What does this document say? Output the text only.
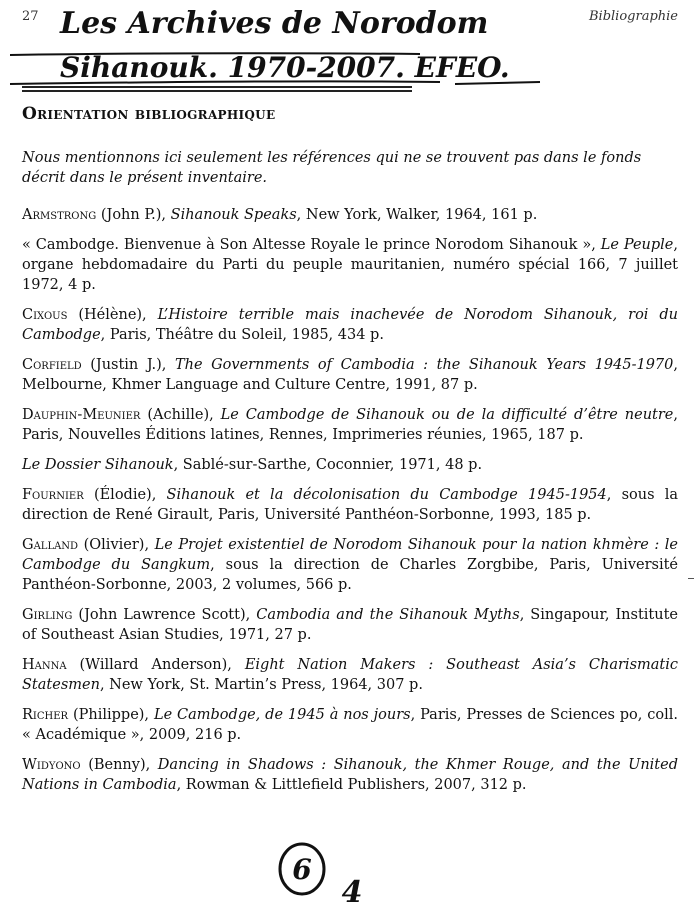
27	Bibliographie
Les Archives de Norodom
Sihanouk. 1970-2007. EFEO.
Orientation bibliographique

Nous mentionnons ici seulement les références qui ne se trouvent pas dans le fonds décrit dans le présent inventaire.

Armstrong (John P.), Sihanouk Speaks, New York, Walker, 1964, 161 p.

« Cambodge. Bienvenue à Son Altesse Royale le prince Norodom Sihanouk », Le Peuple, organe hebdomadaire du Parti du peuple mauritanien, numéro spécial 166, 7 juillet 1972, 4 p.

Cixous (Hélène), L’Histoire terrible mais inachevée de Norodom Sihanouk, roi du Cambodge, Paris, Théâtre du Soleil, 1985, 434 p.

Corfield (Justin J.), The Governments of Cambodia : the Sihanouk Years 1945-1970, Melbourne, Khmer Language and Culture Centre, 1991, 87 p.

Dauphin-Meunier (Achille), Le Cambodge de Sihanouk ou de la difficulté d’être neutre, Paris, Nouvelles Éditions latines, Rennes, Imprimeries réunies, 1965, 187 p.

Le Dossier Sihanouk, Sablé-sur-Sarthe, Coconnier, 1971, 48 p.

Fournier (Élodie), Sihanouk et la décolonisation du Cambodge 1945-1954, sous la direction de René Girault, Paris, Université Panthéon-Sorbonne, 1993, 185 p.

Galland (Olivier), Le Projet existentiel de Norodom Sihanouk pour la nation khmère : le Cambodge du Sangkum, sous la direction de Charles Zorgbibe, Paris, Université Panthéon-Sorbonne, 2003, 2 volumes, 566 p.

Girling (John Lawrence Scott), Cambodia and the Sihanouk Myths, Singapour, Institute of Southeast Asian Studies, 1971, 27 p.

Hanna (Willard Anderson), Eight Nation Makers : Southeast Asia’s Charismatic Statesmen, New York, St. Martin’s Press, 1964, 307 p.

Richer (Philippe), Le Cambodge, de 1945 à nos jours, Paris, Presses de Sciences po, coll. « Académique », 2009, 216 p.

Widyono (Benny), Dancing in Shadows : Sihanouk, the Khmer Rouge, and the United Nations in Cambodia, Rowman & Littlefield Publishers, 2007, 312 p.

6
4
